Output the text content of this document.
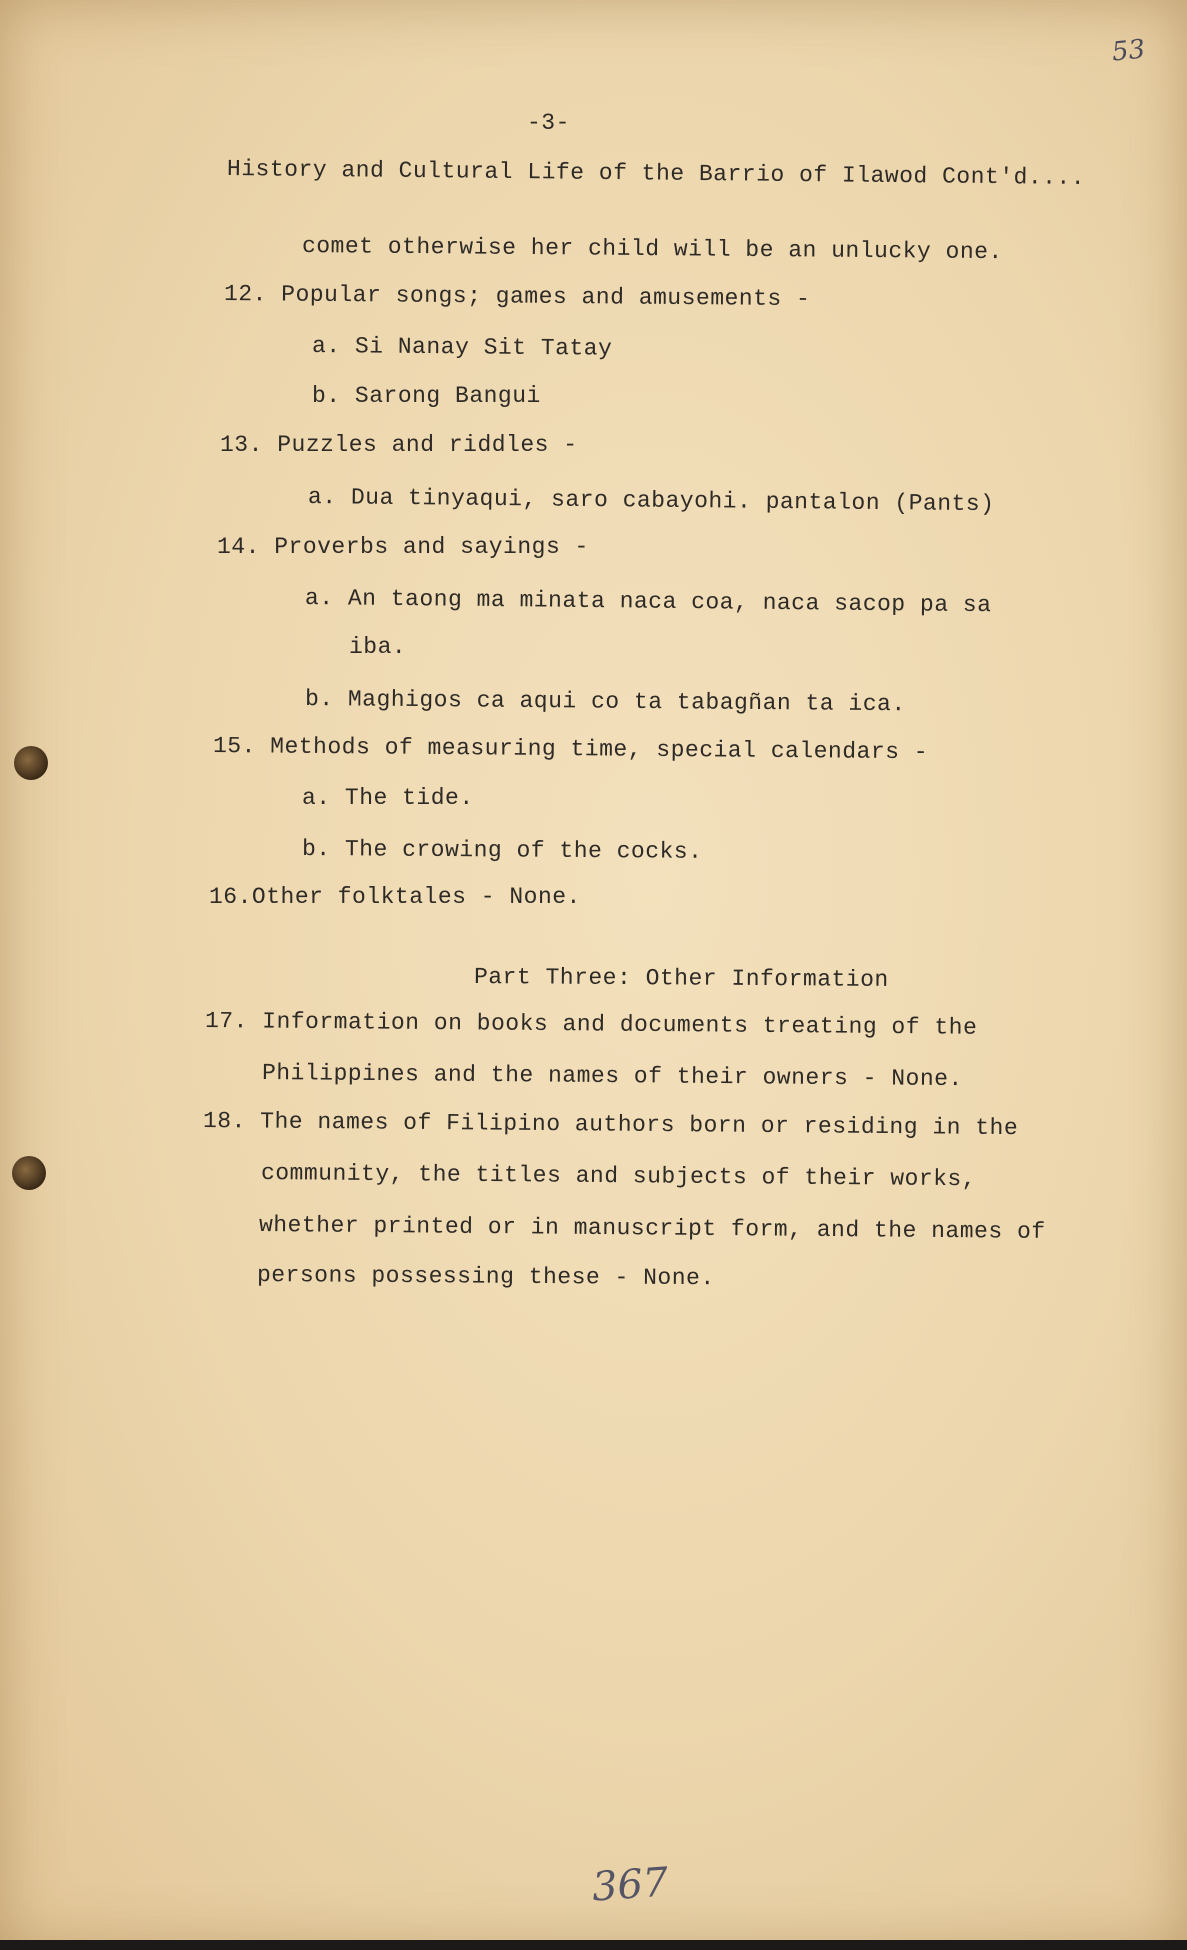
53
-3-
History and Cultural Life of the Barrio of Ilawod Cont'd....
comet otherwise her child will be an unlucky one.
12. Popular songs; games and amusements -
a. Si Nanay Sit Tatay
b. Sarong Bangui
13. Puzzles and riddles -
a. Dua tinyaqui, saro cabayohi. pantalon (Pants)
14. Proverbs and sayings -
a. An taong ma minata naca coa, naca sacop pa sa
iba.
b. Maghigos ca aqui co ta tabagñan ta ica.
15. Methods of measuring time, special calendars -
a. The tide.
b. The crowing of the cocks.
16.Other folktales - None.
Part Three: Other Information
17. Information on books and documents treating of the
Philippines and the names of their owners - None.
18. The names of Filipino authors born or residing in the
community, the titles and subjects of their works,
whether printed or in manuscript form, and the names of
persons possessing these - None.
367
